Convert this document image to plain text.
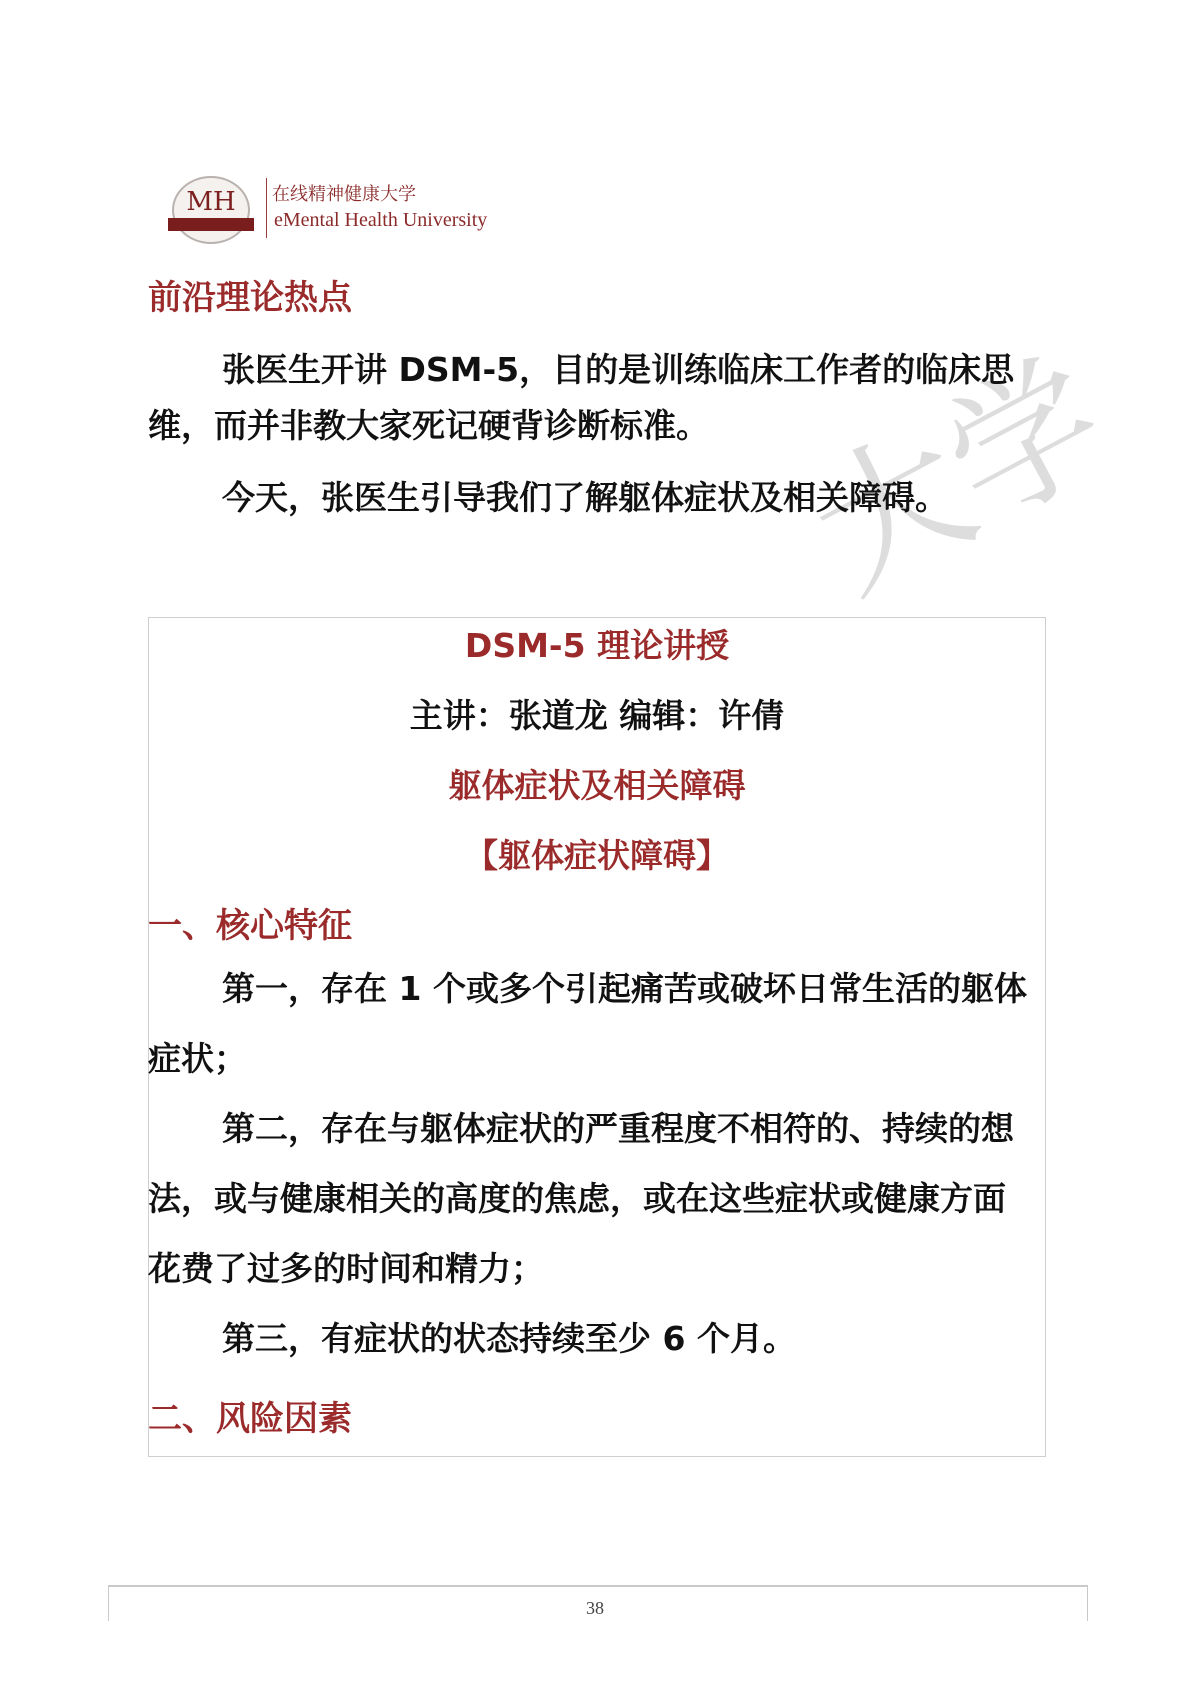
MH	在线精神健康大学
eMental Health University
大学
前沿理论热点
张医生开讲 DSM-5，目的是训练临床工作者的临床思维，而并非教大家死记硬背诊断标准。
今天，张医生引导我们了解躯体症状及相关障碍。
DSM-5 理论讲授
主讲：张道龙 编辑：许倩
躯体症状及相关障碍
【躯体症状障碍】
一、核心特征
第一，存在 1 个或多个引起痛苦或破坏日常生活的躯体症状；
第二，存在与躯体症状的严重程度不相符的、持续的想法，或与健康相关的高度的焦虑，或在这些症状或健康方面花费了过多的时间和精力；
第三，有症状的状态持续至少 6 个月。
二、风险因素
38
